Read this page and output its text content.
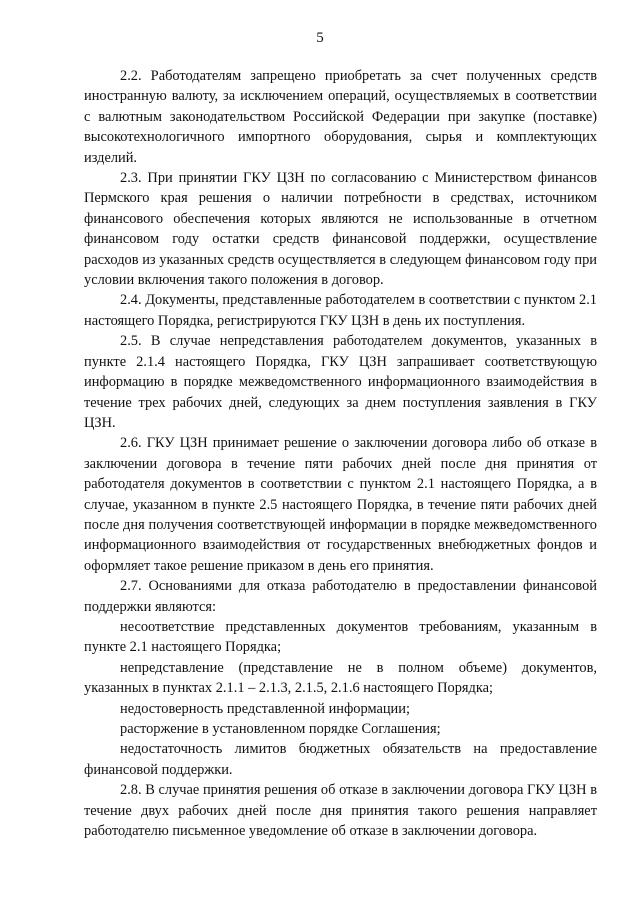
5

2.2. Работодателям запрещено приобретать за счет полученных средств иностранную валюту, за исключением операций, осуществляемых в соответствии с валютным законодательством Российской Федерации при закупке (поставке) высокотехнологичного импортного оборудования, сырья и комплектующих изделий.

2.3. При принятии ГКУ ЦЗН по согласованию с Министерством финансов Пермского края решения о наличии потребности в средствах, источником финансового обеспечения которых являются не использованные в отчетном финансовом году остатки средств финансовой поддержки, осуществление расходов из указанных средств осуществляется в следующем финансовом году при условии включения такого положения в договор.

2.4. Документы, представленные работодателем в соответствии с пунктом 2.1 настоящего Порядка, регистрируются ГКУ ЦЗН в день их поступления.

2.5. В случае непредставления работодателем документов, указанных в пункте 2.1.4 настоящего Порядка, ГКУ ЦЗН запрашивает соответствующую информацию в порядке межведомственного информационного взаимодействия в течение трех рабочих дней, следующих за днем поступления заявления в ГКУ ЦЗН.

2.6. ГКУ ЦЗН принимает решение о заключении договора либо об отказе в заключении договора в течение пяти рабочих дней после дня принятия от работодателя документов в соответствии с пунктом 2.1 настоящего Порядка, а в случае, указанном в пункте 2.5 настоящего Порядка, в течение пяти рабочих дней после дня получения соответствующей информации в порядке межведомственного информационного взаимодействия от государственных внебюджетных фондов и оформляет такое решение приказом в день его принятия.

2.7. Основаниями для отказа работодателю в предоставлении финансовой поддержки являются:

несоответствие представленных документов требованиям, указанным в пункте 2.1 настоящего Порядка;

непредставление (представление не в полном объеме) документов, указанных в пунктах 2.1.1 – 2.1.3, 2.1.5, 2.1.6 настоящего Порядка;

недостоверность представленной информации;

расторжение в установленном порядке Соглашения;

недостаточность лимитов бюджетных обязательств на предоставление финансовой поддержки.

2.8. В случае принятия решения об отказе в заключении договора ГКУ ЦЗН в течение двух рабочих дней после дня принятия такого решения направляет работодателю письменное уведомление об отказе в заключении договора.
